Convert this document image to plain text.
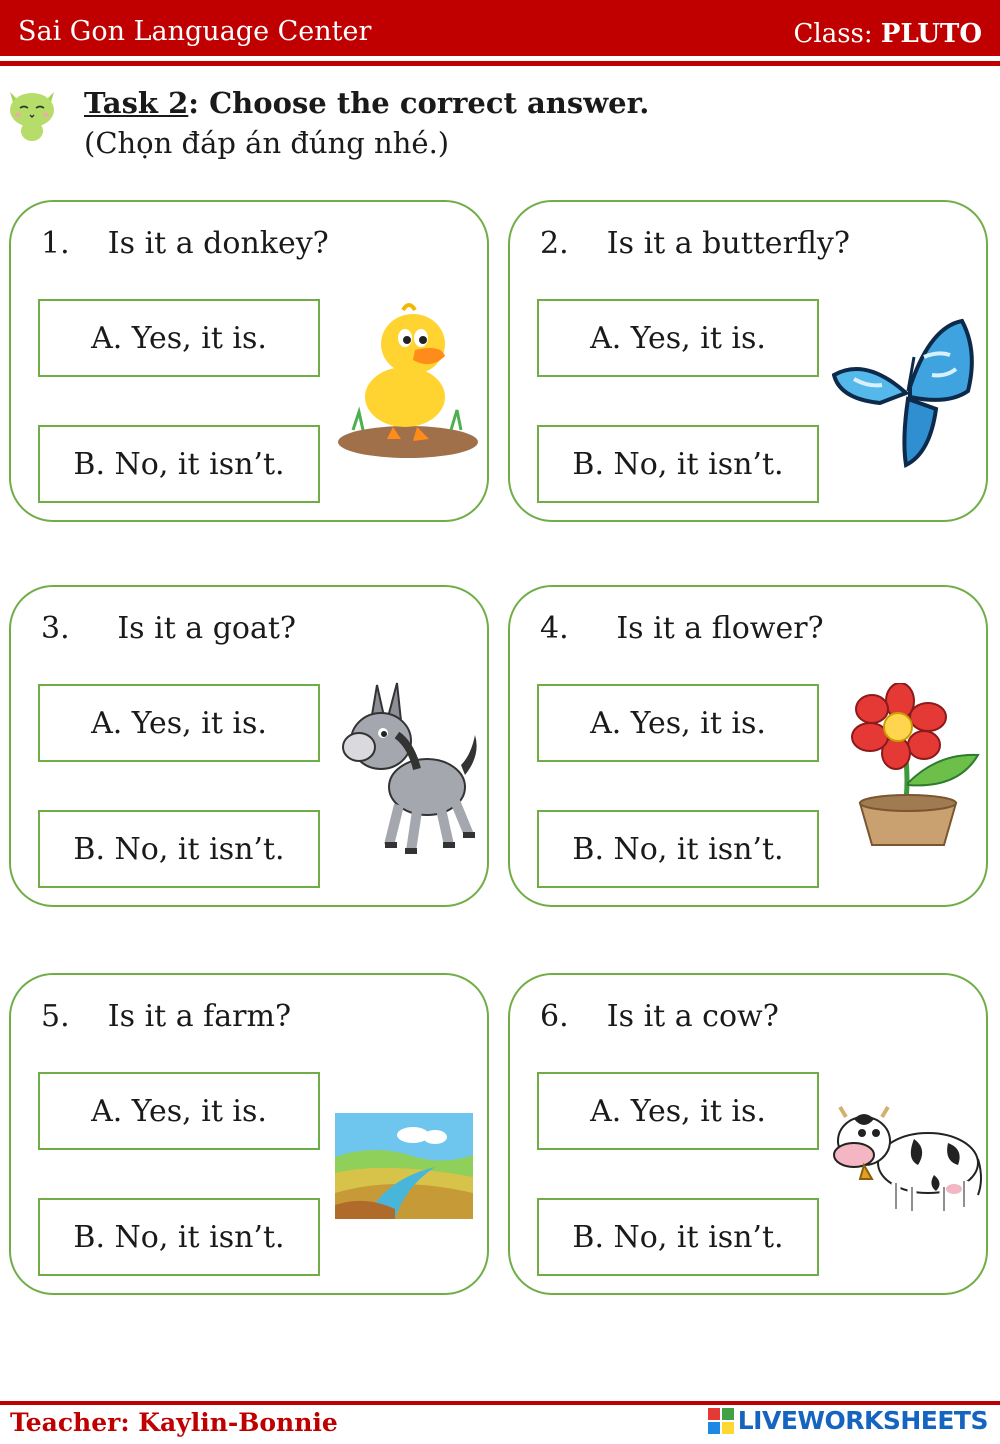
Sai Gon Language Center	Class: PLUTO
Task 2: Choose the correct answer.
(Chọn đáp án đúng nhé.)
1. Is it a donkey?
A. Yes, it is.
B. No, it isn’t.
2. Is it a butterfly?
A. Yes, it is.
B. No, it isn’t.
3. Is it a goat?
A. Yes, it is.
B. No, it isn’t.
4. Is it a flower?
A. Yes, it is.
B. No, it isn’t.
5. Is it a farm?
A. Yes, it is.
B. No, it isn’t.
6. Is it a cow?
A. Yes, it is.
B. No, it isn’t.
Teacher: Kaylin-Bonnie	LIVEWORKSHEETS
